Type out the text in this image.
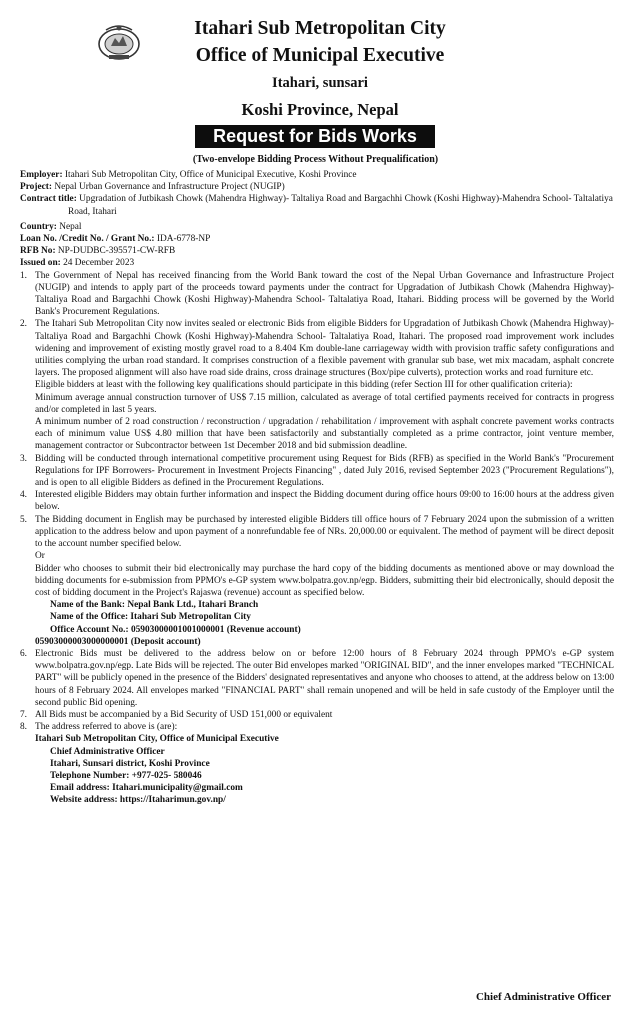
Itahari Sub Metropolitan City
Office of Municipal Executive
Itahari, sunsari
Koshi Province, Nepal
Request for Bids Works
(Two-envelope Bidding Process Without Prequalification)

Employer: Itahari Sub Metropolitan City, Office of Municipal Executive, Koshi Province

Project: Nepal Urban Governance and Infrastructure Project (NUGIP)

Contract title: Upgradation of Jutbikash Chowk (Mahendra Highway)- Taltaliya Road and Bargachhi Chowk (Koshi Highway)-Mahendra School- Taltalatiya Road, Itahari

Country: Nepal

Loan No. /Credit No. / Grant No.: IDA-6778-NP

RFB No: NP-DUDBC-395571-CW-RFB

Issued on: 24 December 2023

1. The Government of Nepal has received financing from the World Bank toward the cost of the Nepal Urban Governance and Infrastructure Project (NUGIP) and intends to apply part of the proceeds toward payments under the contract for Upgradation of Jutbikash Chowk (Mahendra Highway)- Taltaliya Road and Bargachhi Chowk (Koshi Highway)-Mahendra School- Taltalatiya Road, Itahari. Bidding process will be governed by the World Bank's Procurement Regulations.

2. The Itahari Sub Metropolitan City now invites sealed or electronic Bids from eligible Bidders for Upgradation of Jutbikash Chowk (Mahendra Highway)- Taltaliya Road and Bargachhi Chowk (Koshi Highway)-Mahendra School- Taltalatiya Road, Itahari. The proposed road improvement work includes widening and improvement of existing mostly gravel road to a 8.404 Km double-lane carriageway width with provision traffic safety configurations and utilities complying the urban road standard. It comprises construction of a flexible pavement with granular sub base, wet mix macadam, asphalt concrete layers. The proposed alignment will also have road side drains, cross drainage structures (Box/pipe culverts), protection works and road furniture etc.

Eligible bidders at least with the following key qualifications should participate in this bidding (refer Section III for other qualification criteria):

Minimum average annual construction turnover of US$ 7.15 million, calculated as average of total certified payments received for contracts in progress and/or completed in last 5 years.

A minimum number of 2 road construction / reconstruction / upgradation / rehabilitation / improvement with asphalt concrete pavement works contracts each of minimum value US$ 4.80 million that have been satisfactorily and substantially completed as a prime contractor, joint venture member, management contractor or Subcontractor between 1st December 2018 and bid submission deadline.

3. Bidding will be conducted through international competitive procurement using Request for Bids (RFB) as specified in the World Bank's "Procurement Regulations for IPF Borrowers- Procurement in Investment Projects Financing" , dated July 2016, revised September 2023 ("Procurement Regulations"), and is open to all eligible Bidders as defined in the Procurement Regulations.

4. Interested eligible Bidders may obtain further information and inspect the Bidding document during office hours 09:00 to 16:00 hours at the address given below.

5. The Bidding document in English may be purchased by interested eligible Bidders till office hours of 7 February 2024 upon the submission of a written application to the address below and upon payment of a nonrefundable fee of NRs. 20,000.00 or equivalent. The method of payment will be direct deposit to the account number specified below.

Or

Bidder who chooses to submit their bid electronically may purchase the hard copy of the bidding documents as mentioned above or may download the bidding documents for e-submission from PPMO's e-GP system www.bolpatra.gov.np/egp. Bidders, submitting their bid electronically, should deposit the cost of bidding document in the Project's Rajaswa (revenue) account as specified below.

Name of the Bank: Nepal Bank Ltd., Itahari Branch

Name of the Office: Itahari Sub Metropolitan City

Office Account No.: 05903000001001000001 (Revenue account)

05903000003000000001 (Deposit account)

6. Electronic Bids must be delivered to the address below on or before 12:00 hours of 8 February 2024 through PPMO's e-GP system www.bolpatra.gov.np/egp. Late Bids will be rejected. The outer Bid envelopes marked "ORIGINAL BID", and the inner envelopes marked "TECHNICAL PART" will be publicly opened in the presence of the Bidders' designated representatives and anyone who chooses to attend, at the address below on 13:00 hours of 8 February 2024. All envelopes marked "FINANCIAL PART" shall remain unopened and will be held in safe custody of the Employer until the second public Bid opening.

7. All Bids must be accompanied by a Bid Security of USD 151,000 or equivalent

8. The address referred to above is (are):

Itahari Sub Metropolitan City, Office of Municipal Executive

Chief Administrative Officer

Itahari, Sunsari district, Koshi Province

Telephone Number: +977-025- 580046

Email address: Itahari.municipality@gmail.com

Website address: https://Itaharimun.gov.np/

Chief Administrative Officer
